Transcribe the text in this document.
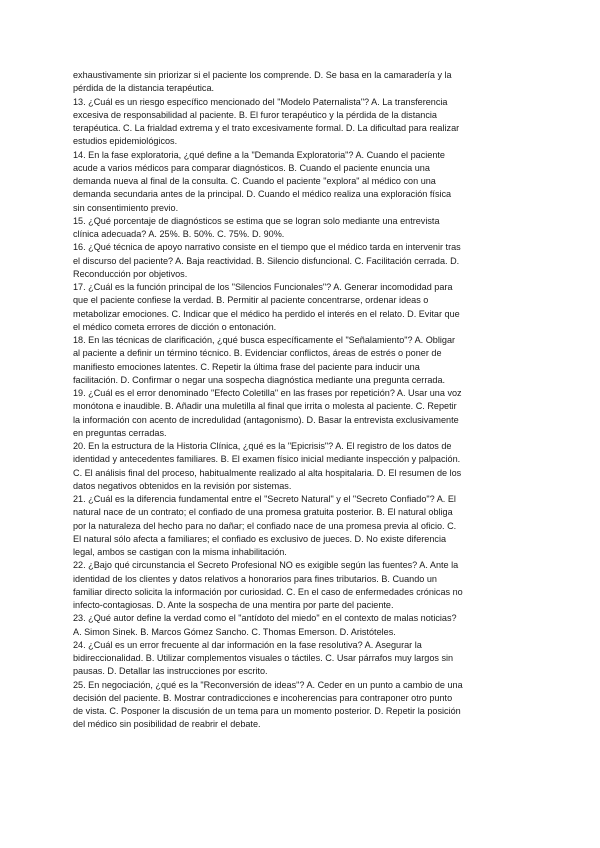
exhaustivamente sin priorizar si el paciente los comprende. D. Se basa en la camaradería y la
pérdida de la distancia terapéutica.
13. ¿Cuál es un riesgo específico mencionado del "Modelo Paternalista"? A. La transferencia
excesiva de responsabilidad al paciente. B. El furor terapéutico y la pérdida de la distancia
terapéutica. C. La frialdad extrema y el trato excesivamente formal. D. La dificultad para realizar
estudios epidemiológicos.
14. En la fase exploratoria, ¿qué define a la "Demanda Exploratoria"? A. Cuando el paciente
acude a varios médicos para comparar diagnósticos. B. Cuando el paciente enuncia una
demanda nueva al final de la consulta. C. Cuando el paciente "explora" al médico con una
demanda secundaria antes de la principal. D. Cuando el médico realiza una exploración física
sin consentimiento previo.
15. ¿Qué porcentaje de diagnósticos se estima que se logran solo mediante una entrevista
clínica adecuada? A. 25%. B. 50%. C. 75%. D. 90%.
16. ¿Qué técnica de apoyo narrativo consiste en el tiempo que el médico tarda en intervenir tras
el discurso del paciente? A. Baja reactividad. B. Silencio disfuncional. C. Facilitación cerrada. D.
Reconducción por objetivos.
17. ¿Cuál es la función principal de los "Silencios Funcionales"? A. Generar incomodidad para
que el paciente confiese la verdad. B. Permitir al paciente concentrarse, ordenar ideas o
metabolizar emociones. C. Indicar que el médico ha perdido el interés en el relato. D. Evitar que
el médico cometa errores de dicción o entonación.
18. En las técnicas de clarificación, ¿qué busca específicamente el "Señalamiento"? A. Obligar
al paciente a definir un término técnico. B. Evidenciar conflictos, áreas de estrés o poner de
manifiesto emociones latentes. C. Repetir la última frase del paciente para inducir una
facilitación. D. Confirmar o negar una sospecha diagnóstica mediante una pregunta cerrada.
19. ¿Cuál es el error denominado "Efecto Coletilla" en las frases por repetición? A. Usar una voz
monótona e inaudible. B. Añadir una muletilla al final que irrita o molesta al paciente. C. Repetir
la información con acento de incredulidad (antagonismo). D. Basar la entrevista exclusivamente
en preguntas cerradas.
20. En la estructura de la Historia Clínica, ¿qué es la "Epicrisis"? A. El registro de los datos de
identidad y antecedentes familiares. B. El examen físico inicial mediante inspección y palpación.
C. El análisis final del proceso, habitualmente realizado al alta hospitalaria. D. El resumen de los
datos negativos obtenidos en la revisión por sistemas.
21. ¿Cuál es la diferencia fundamental entre el "Secreto Natural" y el "Secreto Confiado"? A. El
natural nace de un contrato; el confiado de una promesa gratuita posterior. B. El natural obliga
por la naturaleza del hecho para no dañar; el confiado nace de una promesa previa al oficio. C.
El natural sólo afecta a familiares; el confiado es exclusivo de jueces. D. No existe diferencia
legal, ambos se castigan con la misma inhabilitación.
22. ¿Bajo qué circunstancia el Secreto Profesional NO es exigible según las fuentes? A. Ante la
identidad de los clientes y datos relativos a honorarios para fines tributarios. B. Cuando un
familiar directo solicita la información por curiosidad. C. En el caso de enfermedades crónicas no
infecto-contagiosas. D. Ante la sospecha de una mentira por parte del paciente.
23. ¿Qué autor define la verdad como el "antídoto del miedo" en el contexto de malas noticias?
A. Simon Sinek. B. Marcos Gómez Sancho. C. Thomas Emerson. D. Aristóteles.
24. ¿Cuál es un error frecuente al dar información en la fase resolutiva? A. Asegurar la
bidireccionalidad. B. Utilizar complementos visuales o táctiles. C. Usar párrafos muy largos sin
pausas. D. Detallar las instrucciones por escrito.
25. En negociación, ¿qué es la "Reconversión de ideas"? A. Ceder en un punto a cambio de una
decisión del paciente. B. Mostrar contradicciones e incoherencias para contraponer otro punto
de vista. C. Posponer la discusión de un tema para un momento posterior. D. Repetir la posición
del médico sin posibilidad de reabrir el debate.
